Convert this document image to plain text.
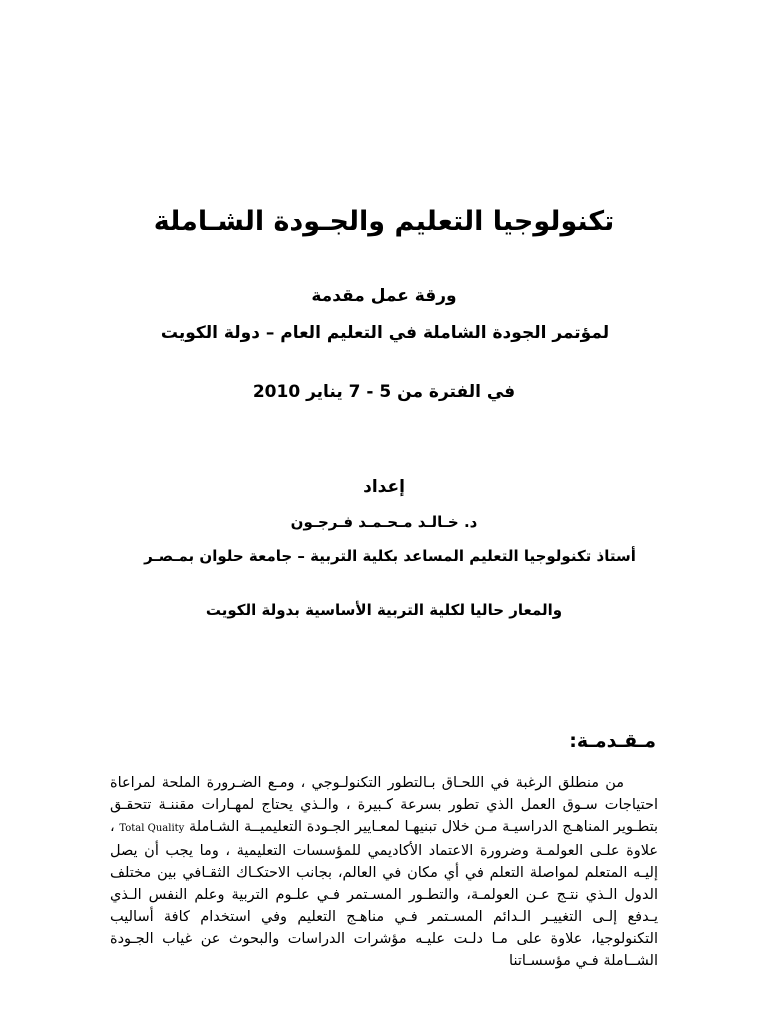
تكنولوجيا التعليم والجـودة الشـاملة
ورقة عمل مقدمة
لمؤتمر الجودة الشاملة في التعليم العام – دولة الكويت
في الفترة من 5 - 7 يناير 2010
إعداد
د. خـالـد مـحـمـد فـرجـون
أستاذ تكنولوجيا التعليم المساعد بكلية التربية – جامعة حلوان بمـصـر
والمعار حاليا لكلية التربية الأساسية بدولة الكويت
مـقـدمـة:
من منطلق الرغبة في اللحـاق بـالتطور التكنولـوجي ، ومـع الضـرورة الملحة لمراعاة احتياجات سـوق العمل الذي تطور بسرعة كـبيرة ، والـذي يحتاج لمهـارات مقننـة تتحقـق بتطـوير المناهـج الدراسيـة مـن خلال تبنيهـا لمعـايير الجـودة التعليميــة الشـاملة Total Quality ، علاوة علـى العولمـة وضرورة الاعتماد الأكاديمي للمؤسسات التعليمية ، وما يجب أن يصل إليـه المتعلم لمواصلة التعلم في أي مكان في العالم، بجانب الاحتكـاك الثقـافي بين مختلف الدول الـذي نتـج عـن العولمـة، والتطـور المسـتمر فـي علـوم التربية وعلم النفس الـذي يـدفع إلـى التغييـر الـدائم المسـتمر فـي مناهـج التعليم وفي استخدام كافة أساليب التكنولوجيا، علاوة على مـا دلـت عليـه مؤشرات الدراسات والبحوث عن غياب الجـودة الشــاملة فـي مؤسسـاتنا
